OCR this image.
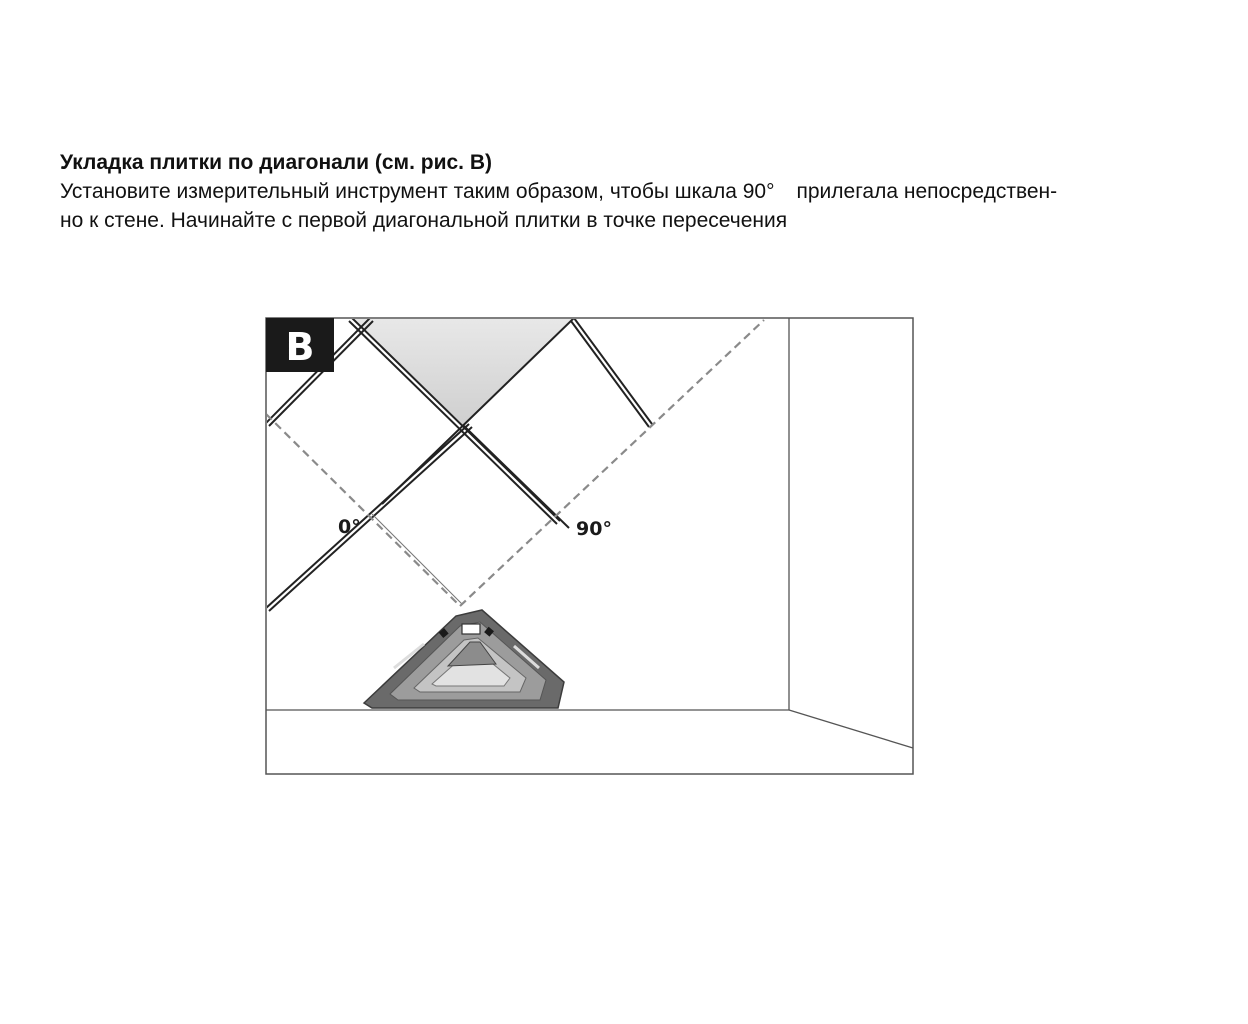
Укладка плитки по диагонали (см. рис. B)

Установите измерительный инструмент таким образом, чтобы шкала 90° прилегала непосредствен-
но к стене. Начинайте с первой диагональной плитки в точке пересечения

B
0°	90°
